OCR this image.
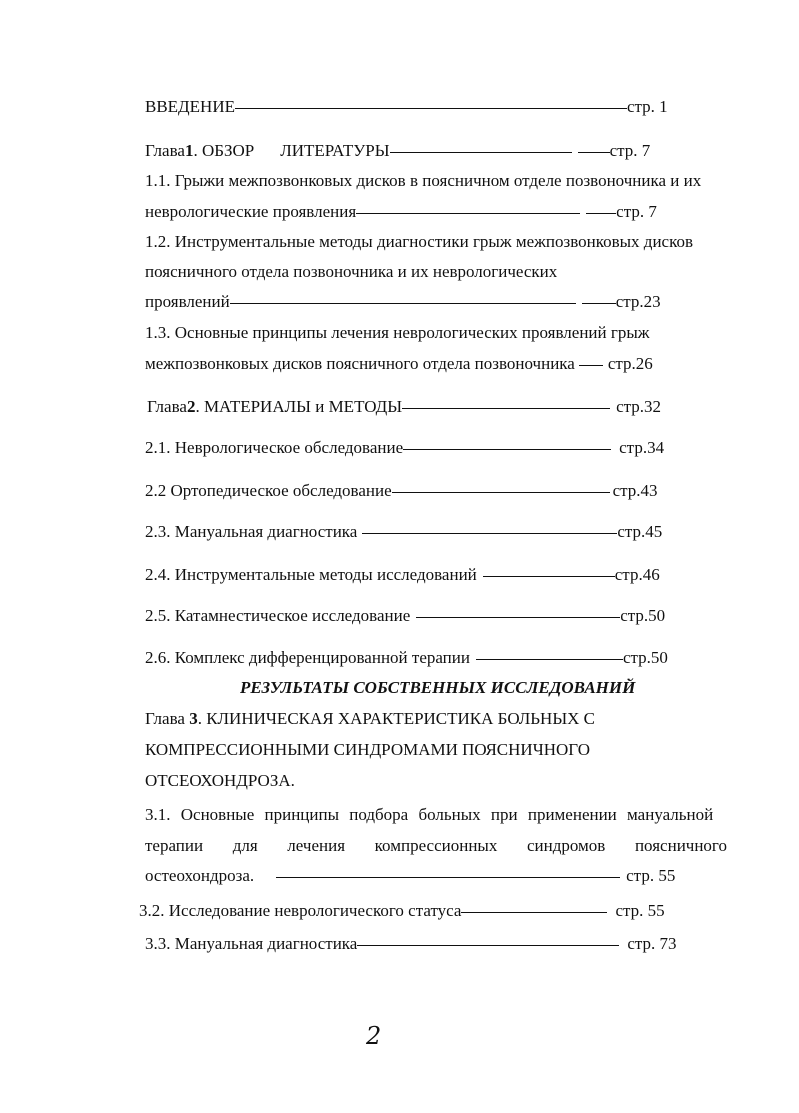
ВВЕДЕНИЕ	стр. 1
Глава 1 . ОБЗОР ЛИТЕРАТУРЫ	стр. 7
1.1. Грыжи межпозвонковых дисков в поясничном отделе позвоночника и их
неврологические проявления	стр. 7
1.2. Инструментальные методы диагностики грыж межпозвонковых дисков
поясничного отдела позвоночника и их неврологических
проявлений	стр.23
1.3. Основные принципы лечения неврологических проявлений грыж
межпозвонковых дисков поясничного отдела позвоночника стр.26
Глава 2 . МАТЕРИАЛЫ и МЕТОДЫ	стр.32
2.1. Неврологическое обследование	стр.34
2.2 Ортопедическое обследование	стр.43
2.3. Мануальная диагностика	стр.45
2.4. Инструментальные методы исследований	стр.46
2.5. Катамнестическое исследование	стр.50
2.6. Комплекс дифференцированной терапии	стр.50
РЕЗУЛЬТАТЫ СОБСТВЕННЫХ ИССЛЕДОВАНИЙ
Глава 3. КЛИНИЧЕСКАЯ ХАРАКТЕРИСТИКА БОЛЬНЫХ С
КОМПРЕССИОННЫМИ СИНДРОМАМИ ПОЯСНИЧНОГО
ОТСЕОХОНДРОЗА.
3.1. Основные принципы подбора больных при применении мануальной
терапии для лечения компрессионных синдромов поясничного
остеохондроза.	стр. 55
3.2. Исследование неврологического статуса	стр. 55
3.3. Мануальная диагностика	стр. 73
2
